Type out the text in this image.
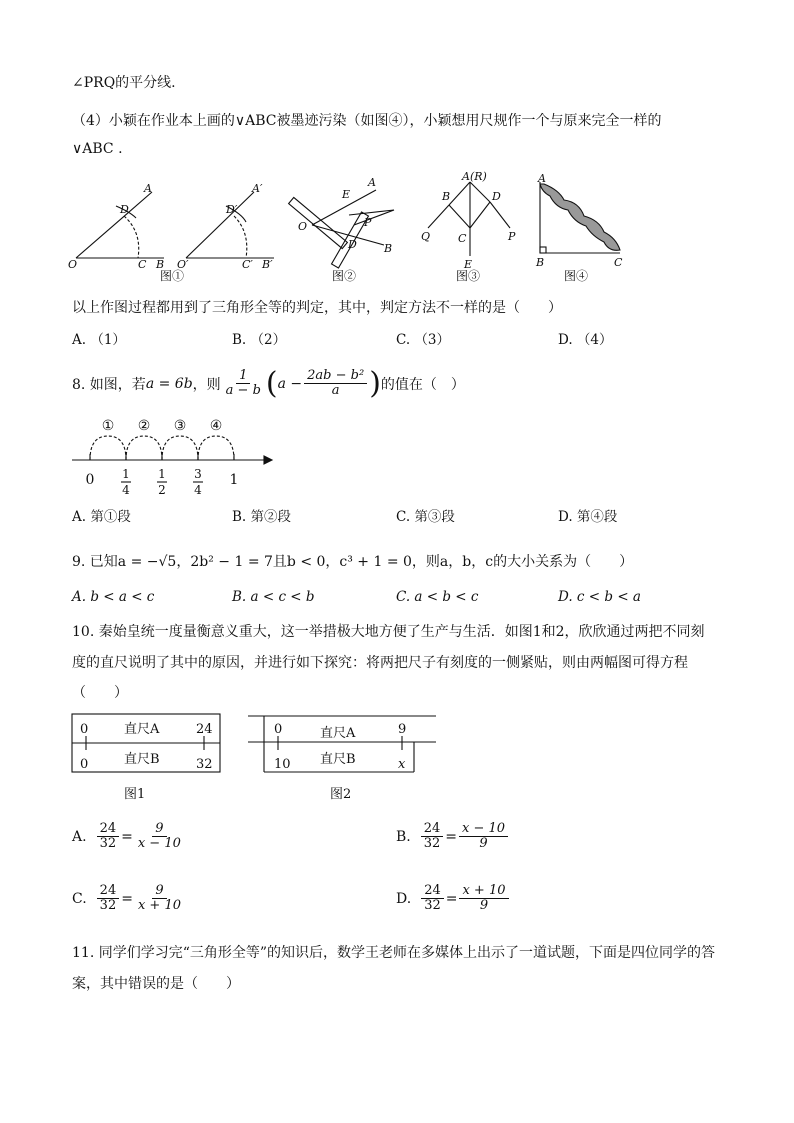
∠PRQ的平分线.
（4）小颖在作业本上画的∨ABC被墨迹污染（如图④），小颖想用尺规作一个与原来完全一样的
∨ABC .
A
D
O	C B
A′
D′
O′	C′ B′
E
A
O	P
D B
A(R)
B	D
Q	C	P
E
A
B	C
图①	图②	图③	图④
以上作图过程都用到了三角形全等的判定，其中，判定方法不一样的是（　　）
A. （1）	B. （2）	C. （3）	D. （4）
8. 如图，若 a = 6b ，则 $\frac{1}{a - b}$ ( $a - \frac{\text{2ab − b²}}{a}$ ) 的值在（　）
① ② ③ ④
0 1
4
1
2
3
4
1
A. 第①段	B. 第②段	C. 第③段	D. 第④段
9. 已知a = −√5，2b² − 1 = 7且b < 0，c³ + 1 = 0，则a，b，c的大小关系为（　　）
A. b < a < c	B. a < c < b	C. a < b < c	D. c < b < a
10. 秦始皇统一度量衡意义重大，这一举措极大地方便了生产与生活．如图1和2，欣欣通过两把不同刻
度的直尺说明了其中的原因，并进行如下探究：将两把尺子有刻度的一侧紧贴，则由两幅图可得方程
（　　）
0	直尺A	24
0	直尺B	32
图1
0	直尺A	9
10 直尺B	x
图2
A. $\frac{24}{32} = \frac{9}{x - 10}$	B. $\frac{24}{32} = \frac{x - 10}{9}$
C. $\frac{24}{32} = \frac{9}{x + 10}$	D. $\frac{24}{32} = \frac{x + 10}{9}$
11. 同学们学习完“三角形全等”的知识后，数学王老师在多媒体上出示了一道试题，下面是四位同学的答
案，其中错误的是（　　）
